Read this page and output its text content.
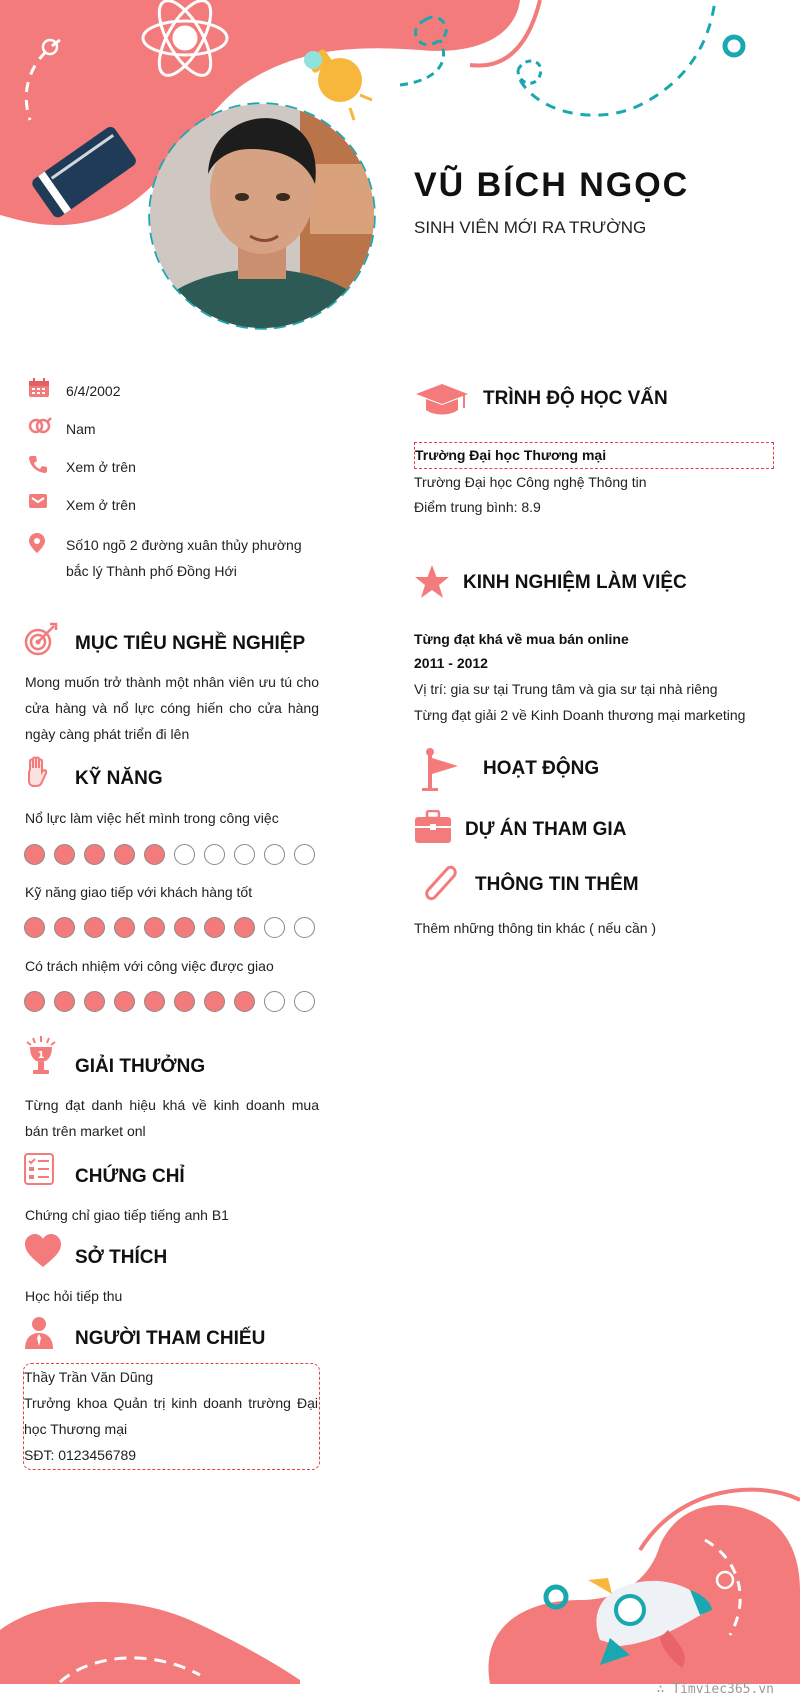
VŨ BÍCH NGỌC
SINH VIÊN MỚI RA TRƯỜNG
6/4/2002
Nam
Xem ở trên
Xem ở trên
Số10 ngõ 2 đường xuân thủy phường
bắc lý Thành phố Đồng Hới
MỤC TIÊU NGHỀ NGHIỆP
Mong muốn trở thành một nhân viên ưu tú cho cửa hàng và nổ lực cóng hiến cho cửa hàng ngày càng phát triển đi lên
KỸ NĂNG
Nổ lực làm việc hết mình trong công việc
Kỹ năng giao tiếp với khách hàng tốt
Có trách nhiệm với công việc được giao
1
GIẢI THƯỞNG
Từng đạt danh hiệu khá về kinh doanh mua bán trên market onl
CHỨNG CHỈ
Chứng chỉ giao tiếp tiếng anh B1
SỞ THÍCH
Học hỏi tiếp thu
NGƯỜI THAM CHIẾU
Thầy Trần Văn Dũng
Trưởng khoa Quản trị kinh doanh trường Đại học Thương mại
SĐT: 0123456789
TRÌNH ĐỘ HỌC VẤN
Trường Đại học Thương mại
Trường Đại học Công nghệ Thông tin
Điểm trung bình: 8.9
KINH NGHIỆM LÀM VIỆC
Từng đạt khá về mua bán online
2011 - 2012
Vị trí: gia sư tại Trung tâm và gia sư tại nhà riêng
Từng đạt giải 2 về Kinh Doanh thương mại marketing
HOẠT ĐỘNG
DỰ ÁN THAM GIA
THÔNG TIN THÊM
Thêm những thông tin khác ( nếu cần )
∴ Timviec365.vn
